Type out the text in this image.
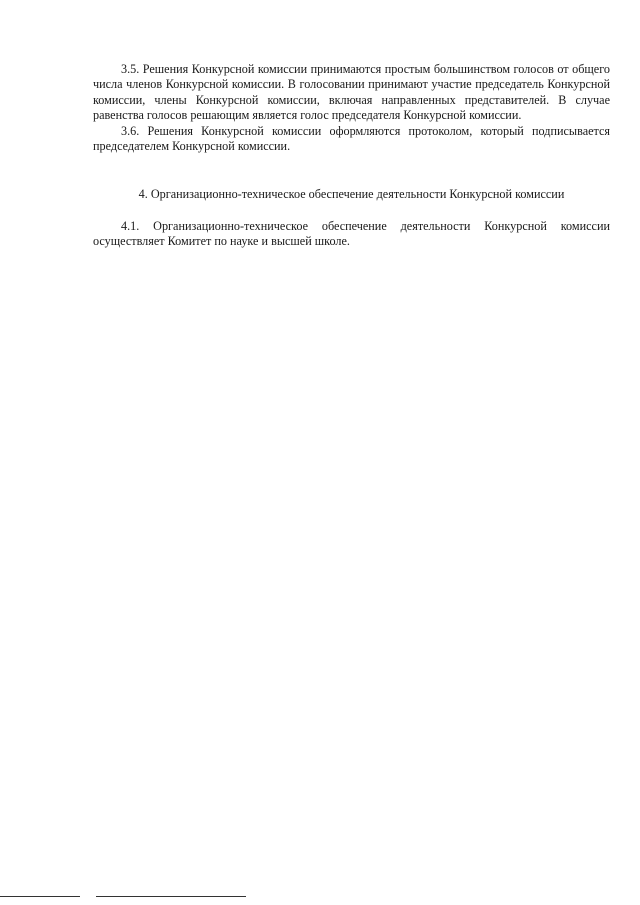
3.5. Решения Конкурсной комиссии принимаются простым большинством голосов от общего числа членов Конкурсной комиссии. В голосовании принимают участие председатель Конкурсной комиссии, члены Конкурсной комиссии, включая направленных представителей. В случае равенства голосов решающим является голос председателя Конкурсной комиссии.

3.6. Решения Конкурсной комиссии оформляются протоколом, который подписывается председателем Конкурсной комиссии.

4. Организационно-техническое обеспечение деятельности Конкурсной комиссии

4.1. Организационно-техническое обеспечение деятельности Конкурсной комиссии осуществляет Комитет по науке и высшей школе.
